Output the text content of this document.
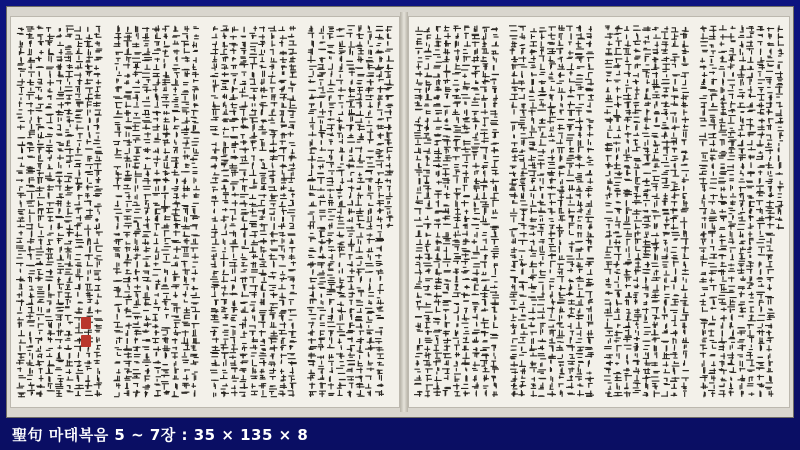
聖句 마태복음 5 ~ 7장 : 35 × 135 × 8
